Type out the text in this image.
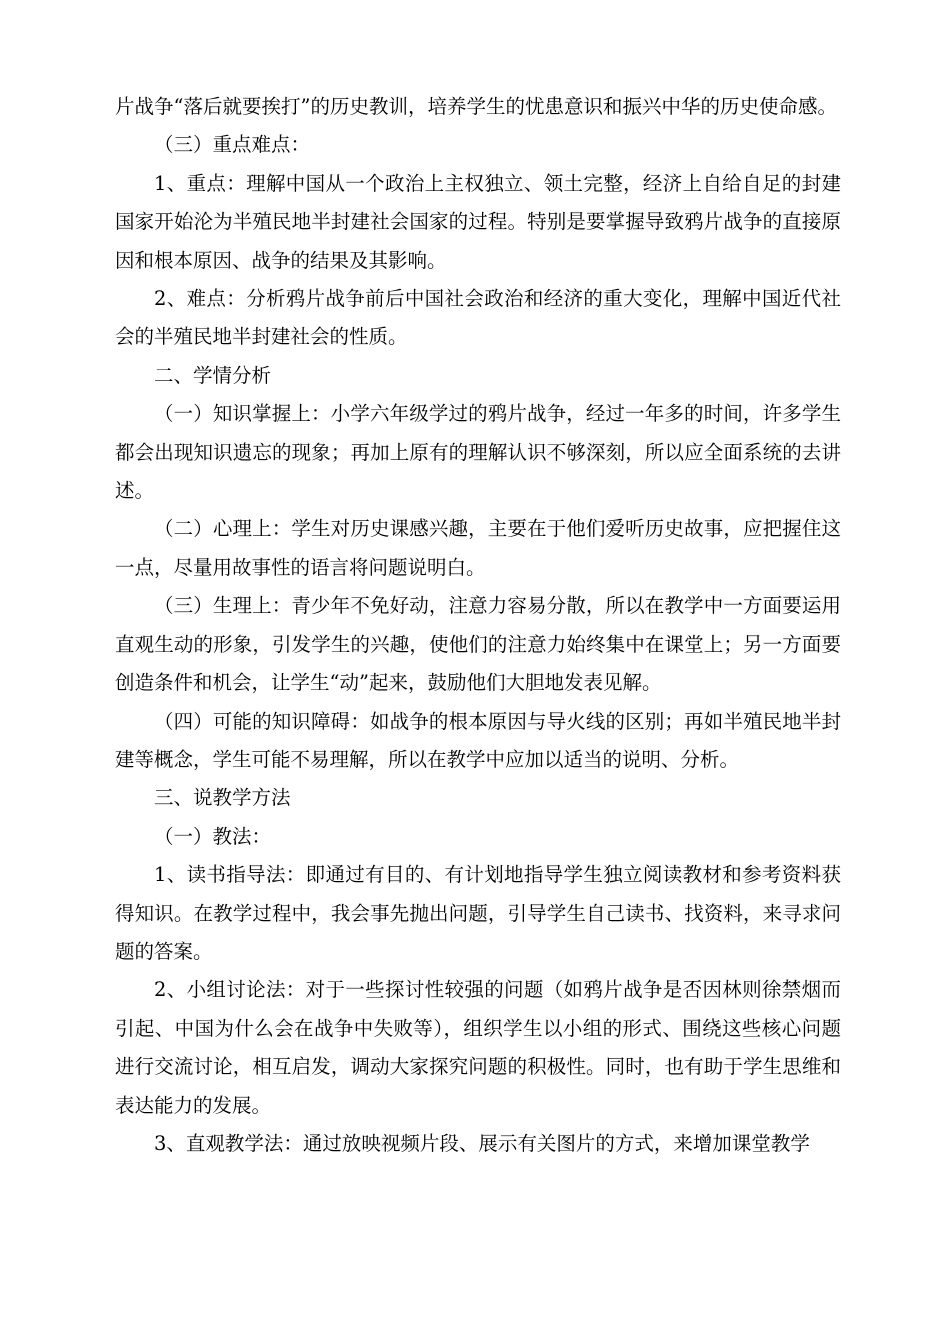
片战争“落后就要挨打”的历史教训，培养学生的忧患意识和振兴中华的历史使命感。

（三）重点难点：

1、重点：理解中国从一个政治上主权独立、领土完整，经济上自给自足的封建国家开始沦为半殖民地半封建社会国家的过程。特别是要掌握导致鸦片战争的直接原因和根本原因、战争的结果及其影响。

2、难点：分析鸦片战争前后中国社会政治和经济的重大变化，理解中国近代社会的半殖民地半封建社会的性质。

二、学情分析

（一）知识掌握上：小学六年级学过的鸦片战争，经过一年多的时间，许多学生都会出现知识遗忘的现象；再加上原有的理解认识不够深刻，所以应全面系统的去讲述。

（二）心理上：学生对历史课感兴趣，主要在于他们爱听历史故事，应把握住这一点，尽量用故事性的语言将问题说明白。

（三）生理上：青少年不免好动，注意力容易分散，所以在教学中一方面要运用直观生动的形象，引发学生的兴趣，使他们的注意力始终集中在课堂上；另一方面要创造条件和机会，让学生“动”起来，鼓励他们大胆地发表见解。

（四）可能的知识障碍：如战争的根本原因与导火线的区别；再如半殖民地半封建等概念，学生可能不易理解，所以在教学中应加以适当的说明、分析。

三、说教学方法

（一）教法：

1、读书指导法：即通过有目的、有计划地指导学生独立阅读教材和参考资料获得知识。在教学过程中，我会事先抛出问题，引导学生自己读书、找资料，来寻求问题的答案。

2、小组讨论法：对于一些探讨性较强的问题（如鸦片战争是否因林则徐禁烟而引起、中国为什么会在战争中失败等），组织学生以小组的形式、围绕这些核心问题进行交流讨论，相互启发，调动大家探究问题的积极性。同时，也有助于学生思维和表达能力的发展。

3、直观教学法：通过放映视频片段、展示有关图片的方式，来增加课堂教学
